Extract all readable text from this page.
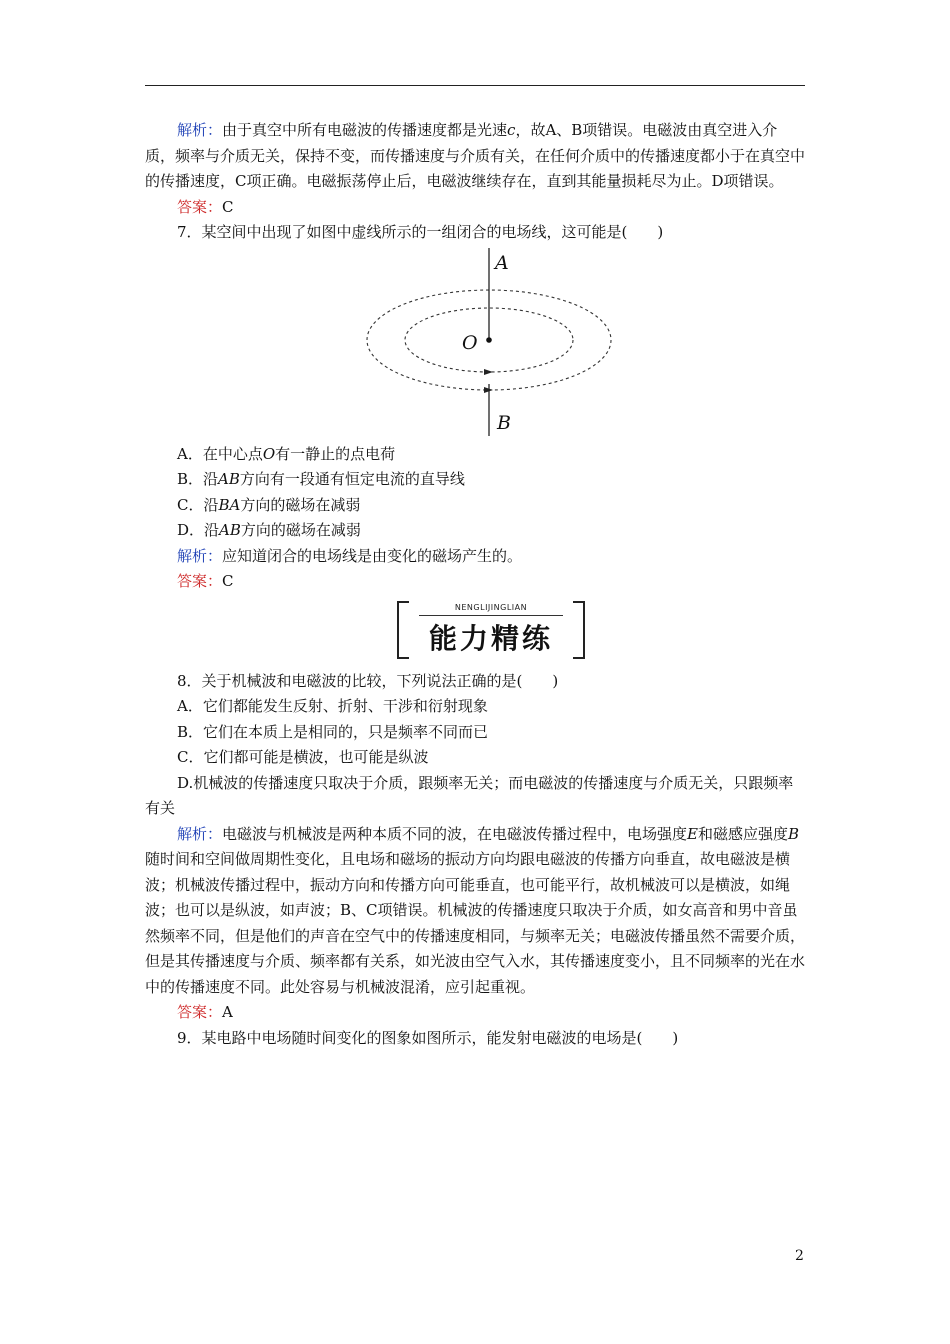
解析：由于真空中所有电磁波的传播速度都是光速c，故A、B项错误。电磁波由真空进入介质，频率与介质无关，保持不变，而传播速度与介质有关，在任何介质中的传播速度都小于在真空中的传播速度，C项正确。电磁振荡停止后，电磁波继续存在，直到其能量损耗尽为止。D项错误。

答案：C

7．某空间中出现了如图中虚线所示的一组闭合的电场线，这可能是(　　)

A
O
B

A．在中心点O有一静止的点电荷

B．沿AB方向有一段通有恒定电流的直导线

C．沿BA方向的磁场在减弱

D．沿AB方向的磁场在减弱

解析：应知道闭合的电场线是由变化的磁场产生的。

答案：C

NENGLIJINGLIAN
能力精练

8．关于机械波和电磁波的比较，下列说法正确的是(　　)

A．它们都能发生反射、折射、干涉和衍射现象

B．它们在本质上是相同的，只是频率不同而已

C．它们都可能是横波，也可能是纵波

D.机械波的传播速度只取决于介质，跟频率无关；而电磁波的传播速度与介质无关，只跟频率有关

解析：电磁波与机械波是两种本质不同的波，在电磁波传播过程中，电场强度E和磁感应强度B随时间和空间做周期性变化，且电场和磁场的振动方向均跟电磁波的传播方向垂直，故电磁波是横波；机械波传播过程中，振动方向和传播方向可能垂直，也可能平行，故机械波可以是横波，如绳波；也可以是纵波，如声波；B、C项错误。机械波的传播速度只取决于介质，如女高音和男中音虽然频率不同，但是他们的声音在空气中的传播速度相同，与频率无关；电磁波传播虽然不需要介质，但是其传播速度与介质、频率都有关系，如光波由空气入水，其传播速度变小，且不同频率的光在水中的传播速度不同。此处容易与机械波混淆，应引起重视。

答案：A

9．某电路中电场随时间变化的图象如图所示，能发射电磁波的电场是(　　)

2
